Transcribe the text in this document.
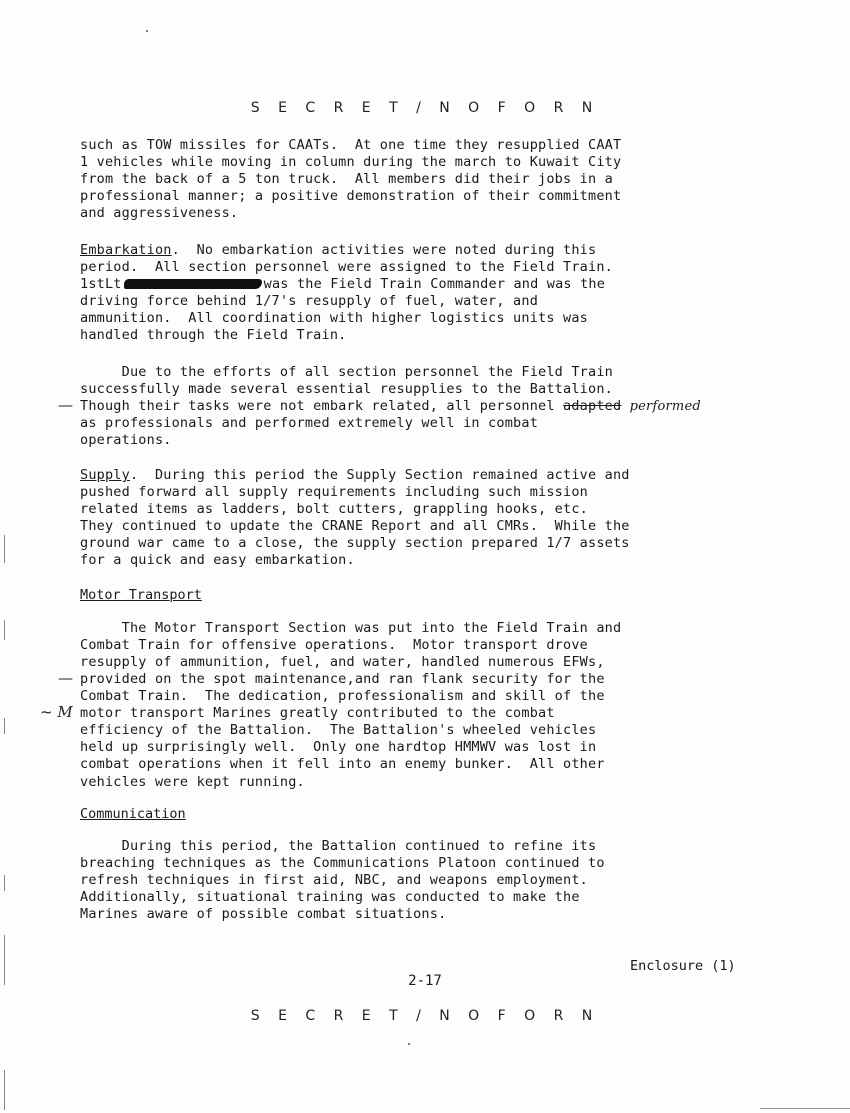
S E C R E T / N O F O R N
such as TOW missiles for CAATs.  At one time they resupplied CAAT
1 vehicles while moving in column during the march to Kuwait City
from the back of a 5 ton truck.  All members did their jobs in a
professional manner; a positive demonstration of their commitment
and aggressiveness.
Embarkation.  No embarkation activities were noted during this
period.  All section personnel were assigned to the Field Train.
1stLt	was the Field Train Commander and was the
driving force behind 1/7's resupply of fuel, water, and
ammunition.  All coordination with higher logistics units was
handled through the Field Train.
Due to the efforts of all section personnel the Field Train
successfully made several essential resupplies to the Battalion.
— Though their tasks were not embark related, all personnel adapted performed
as professionals and performed extremely well in combat
operations.
Supply.  During this period the Supply Section remained active and
pushed forward all supply requirements including such mission
related items as ladders, bolt cutters, grappling hooks, etc.
They continued to update the CRANE Report and all CMRs.  While the
ground war came to a close, the supply section prepared 1/7 assets
for a quick and easy embarkation.
Motor Transport
The Motor Transport Section was put into the Field Train and
Combat Train for offensive operations.  Motor transport drove
resupply of ammunition, fuel, and water, handled numerous EFWs,
— provided on the spot maintenance,and ran flank security for the
Combat Train.  The dedication, professionalism and skill of the
~ M motor transport Marines greatly contributed to the combat
efficiency of the Battalion.  The Battalion's wheeled vehicles
held up surprisingly well.  Only one hardtop HMMWV was lost in
combat operations when it fell into an enemy bunker.  All other
vehicles were kept running.
Communication
During this period, the Battalion continued to refine its
breaching techniques as the Communications Platoon continued to
refresh techniques in first aid, NBC, and weapons employment.
Additionally, situational training was conducted to make the
Marines aware of possible combat situations.
Enclosure (1)
2-17
S E C R E T / N O F O R N
